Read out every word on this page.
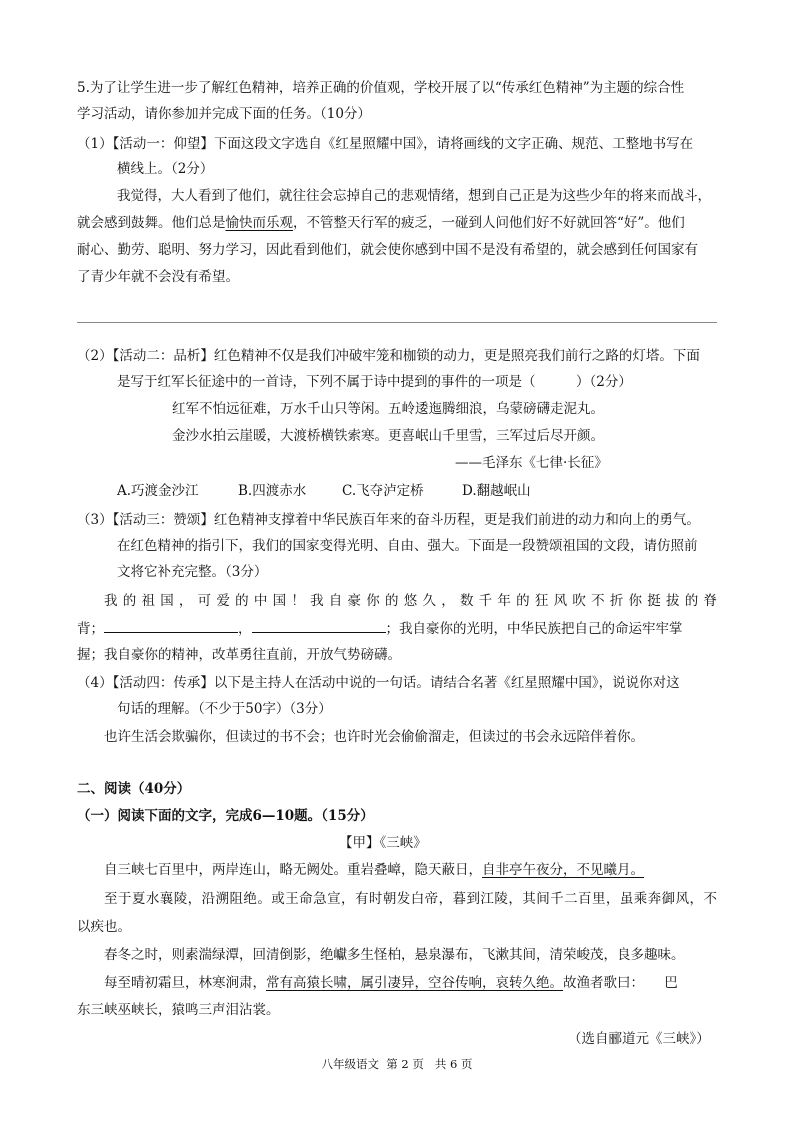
5.为了让学生进一步了解红色精神，培养正确的价值观，学校开展了以“传承红色精神”为主题的综合性
学习活动，请你参加并完成下面的任务。（10分）
（1）【活动一：仰望】下面这段文字选自《红星照耀中国》，请将画线的文字正确、规范、工整地书写在
横线上。（2分）
我觉得，大人看到了他们，就往往会忘掉自己的悲观情绪，想到自己正是为这些少年的将来而战斗，
就会感到鼓舞。他们总是愉快而乐观，不管整天行军的疲乏，一碰到人问他们好不好就回答“好”。他们
耐心、勤劳、聪明、努力学习，因此看到他们，就会使你感到中国不是没有希望的，就会感到任何国家有
了青少年就不会没有希望。
（2）【活动二：品析】红色精神不仅是我们冲破牢笼和枷锁的动力，更是照亮我们前行之路的灯塔。下面
是写于红军长征途中的一首诗，下列不属于诗中提到的事件的一项是（　　　）（2分）
红军不怕远征难，万水千山只等闲。五岭逶迤腾细浪，乌蒙磅礴走泥丸。
金沙水拍云崖暖，大渡桥横铁索寒。更喜岷山千里雪，三军过后尽开颜。
——毛泽东《七律·长征》
A.巧渡金沙江	B.四渡赤水	C.飞夺泸定桥	D.翻越岷山
（3）【活动三：赞颂】红色精神支撑着中华民族百年来的奋斗历程，更是我们前进的动力和向上的勇气。
在红色精神的指引下，我们的国家变得光明、自由、强大。下面是一段赞颂祖国的文段，请仿照前
文将它补充完整。（3分）
我的祖国，可爱的中国！我自豪你的悠久，数千年的狂风吹不折你挺拔的脊
背；	，	；我自豪你的光明，中华民族把自己的命运牢牢掌
握；我自豪你的精神，改革勇往直前，开放气势磅礴。
（4）【活动四：传承】以下是主持人在活动中说的一句话。请结合名著《红星照耀中国》，说说你对这
句话的理解。（不少于50字）（3分）
也许生活会欺骗你，但读过的书不会；也许时光会偷偷溜走，但读过的书会永远陪伴着你。
二、阅读（40分）
（一）阅读下面的文字，完成6—10题。（15分）
【甲】《三峡》
自三峡七百里中，两岸连山，略无阙处。重岩叠嶂，隐天蔽日，自非亭午夜分，不见曦月。
至于夏水襄陵，沿溯阻绝。或王命急宣，有时朝发白帝，暮到江陵，其间千二百里，虽乘奔御风，不
以疾也。
春冬之时，则素湍绿潭，回清倒影，绝巘多生怪柏，悬泉瀑布，飞漱其间，清荣峻茂，良多趣味。
每至晴初霜旦，林寒涧肃，常有高猿长啸，属引凄异，空谷传响，哀转久绝。故渔者歌曰：　　巴
东三峡巫峡长，猿鸣三声泪沾裳。
（选自郦道元《三峡》）
八年级语文 第 2 页 共 6 页
